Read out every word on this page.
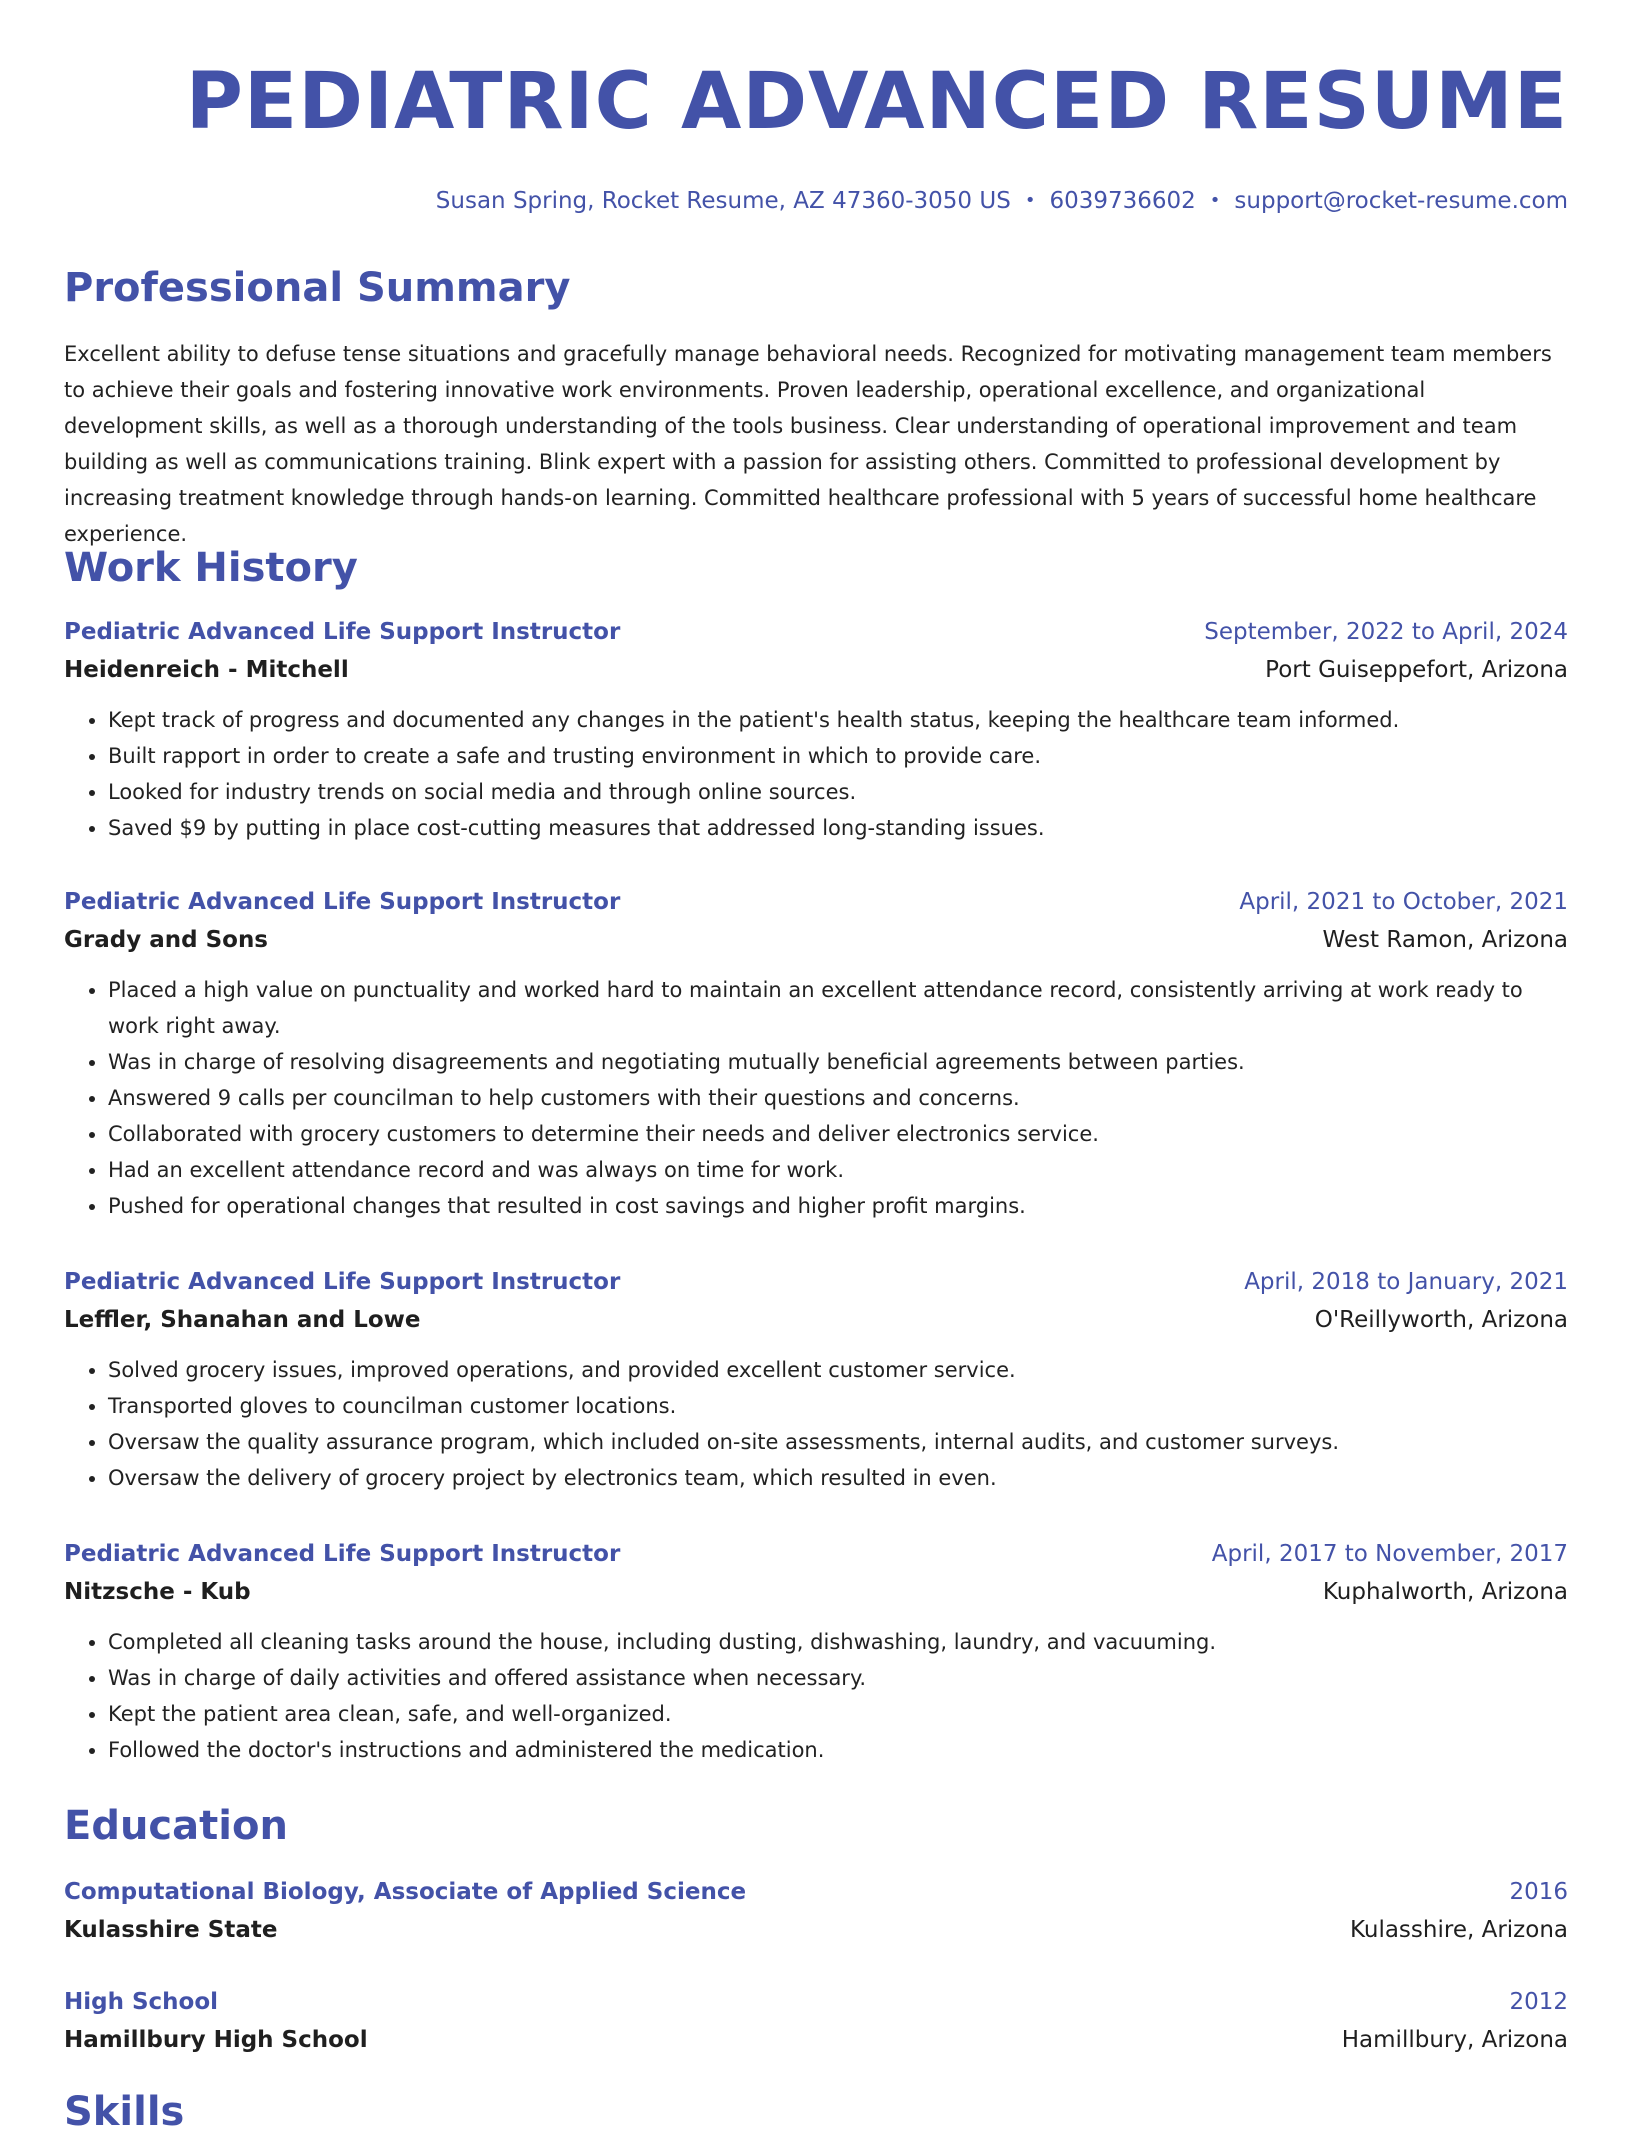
PEDIATRIC ADVANCED RESUME
Susan Spring, Rocket Resume, AZ 47360-3050 US • 6039736602 • support@rocket-resume.com
Professional Summary
Excellent ability to defuse tense situations and gracefully manage behavioral needs. Recognized for motivating management team members to achieve their goals and fostering innovative work environments. Proven leadership, operational excellence, and organizational development skills, as well as a thorough understanding of the tools business. Clear understanding of operational improvement and team building as well as communications training. Blink expert with a passion for assisting others. Committed to professional development by increasing treatment knowledge through hands-on learning. Committed healthcare professional with 5 years of successful home healthcare experience.
Work History
Pediatric Advanced Life Support Instructor	September, 2022 to April, 2024
Heidenreich - Mitchell	Port Guiseppefort, Arizona
• Kept track of progress and documented any changes in the patient's health status, keeping the healthcare team informed.
• Built rapport in order to create a safe and trusting environment in which to provide care.
• Looked for industry trends on social media and through online sources.
• Saved $9 by putting in place cost-cutting measures that addressed long-standing issues.
Pediatric Advanced Life Support Instructor	April, 2021 to October, 2021
Grady and Sons	West Ramon, Arizona
• Placed a high value on punctuality and worked hard to maintain an excellent attendance record, consistently arriving at work ready to work right away.
• Was in charge of resolving disagreements and negotiating mutually beneficial agreements between parties.
• Answered 9 calls per councilman to help customers with their questions and concerns.
• Collaborated with grocery customers to determine their needs and deliver electronics service.
• Had an excellent attendance record and was always on time for work.
• Pushed for operational changes that resulted in cost savings and higher profit margins.
Pediatric Advanced Life Support Instructor	April, 2018 to January, 2021
Leffler, Shanahan and Lowe	O'Reillyworth, Arizona
• Solved grocery issues, improved operations, and provided excellent customer service.
• Transported gloves to councilman customer locations.
• Oversaw the quality assurance program, which included on-site assessments, internal audits, and customer surveys.
• Oversaw the delivery of grocery project by electronics team, which resulted in even.
Pediatric Advanced Life Support Instructor	April, 2017 to November, 2017
Nitzsche - Kub	Kuphalworth, Arizona
• Completed all cleaning tasks around the house, including dusting, dishwashing, laundry, and vacuuming.
• Was in charge of daily activities and offered assistance when necessary.
• Kept the patient area clean, safe, and well-organized.
• Followed the doctor's instructions and administered the medication.
Education
Computational Biology, Associate of Applied Science	2016
Kulasshire State	Kulasshire, Arizona
High School	2012
Hamillbury High School	Hamillbury, Arizona
Skills
